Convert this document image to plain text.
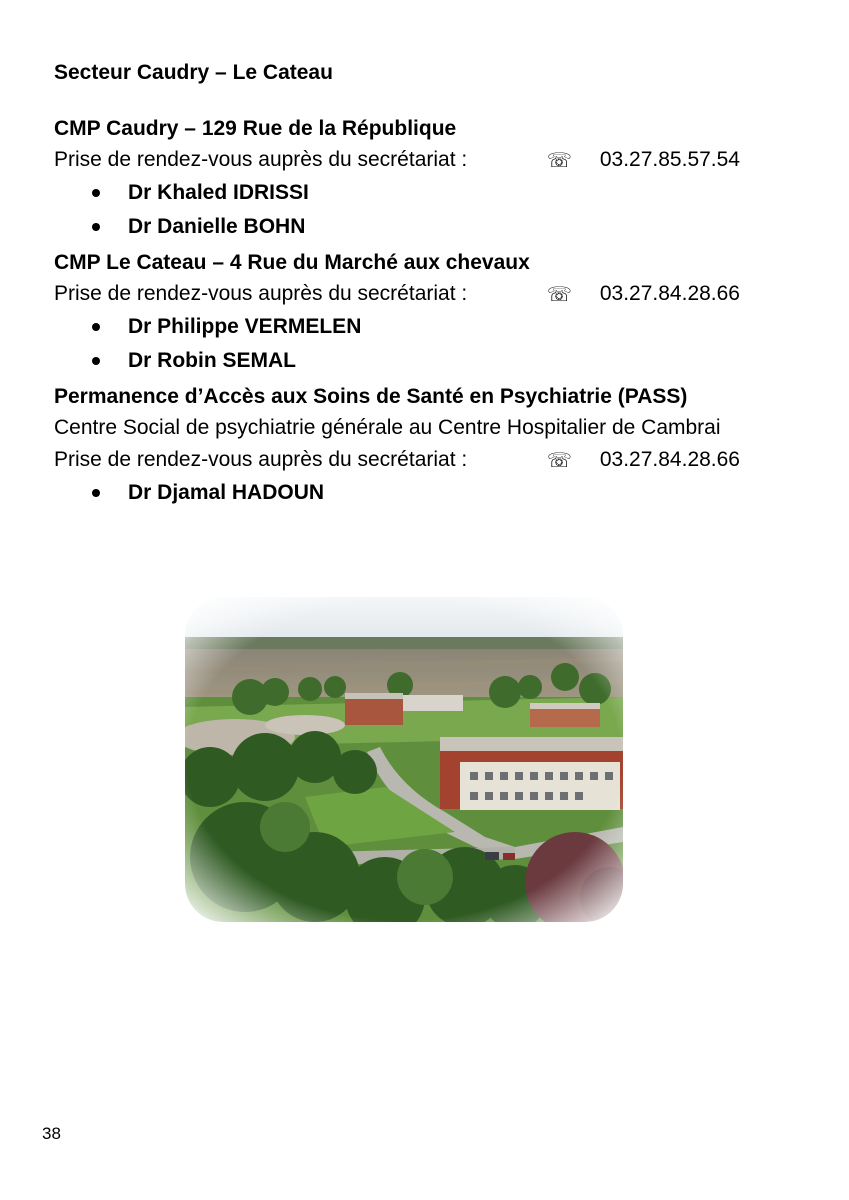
Secteur Caudry – Le Cateau

CMP Caudry – 129 Rue de la République

Prise de rendez-vous auprès du secrétariat :	☏ 03.27.85.57.54

Dr Khaled IDRISSI
Dr Danielle BOHN

CMP Le Cateau – 4 Rue du Marché aux chevaux

Prise de rendez-vous auprès du secrétariat :	☏ 03.27.84.28.66

Dr Philippe VERMELEN
Dr Robin SEMAL

Permanence d’Accès aux Soins de Santé en Psychiatrie (PASS)

Centre Social de psychiatrie générale au Centre Hospitalier de Cambrai

Prise de rendez-vous auprès du secrétariat :	☏ 03.27.84.28.66

Dr Djamal HADOUN
38
